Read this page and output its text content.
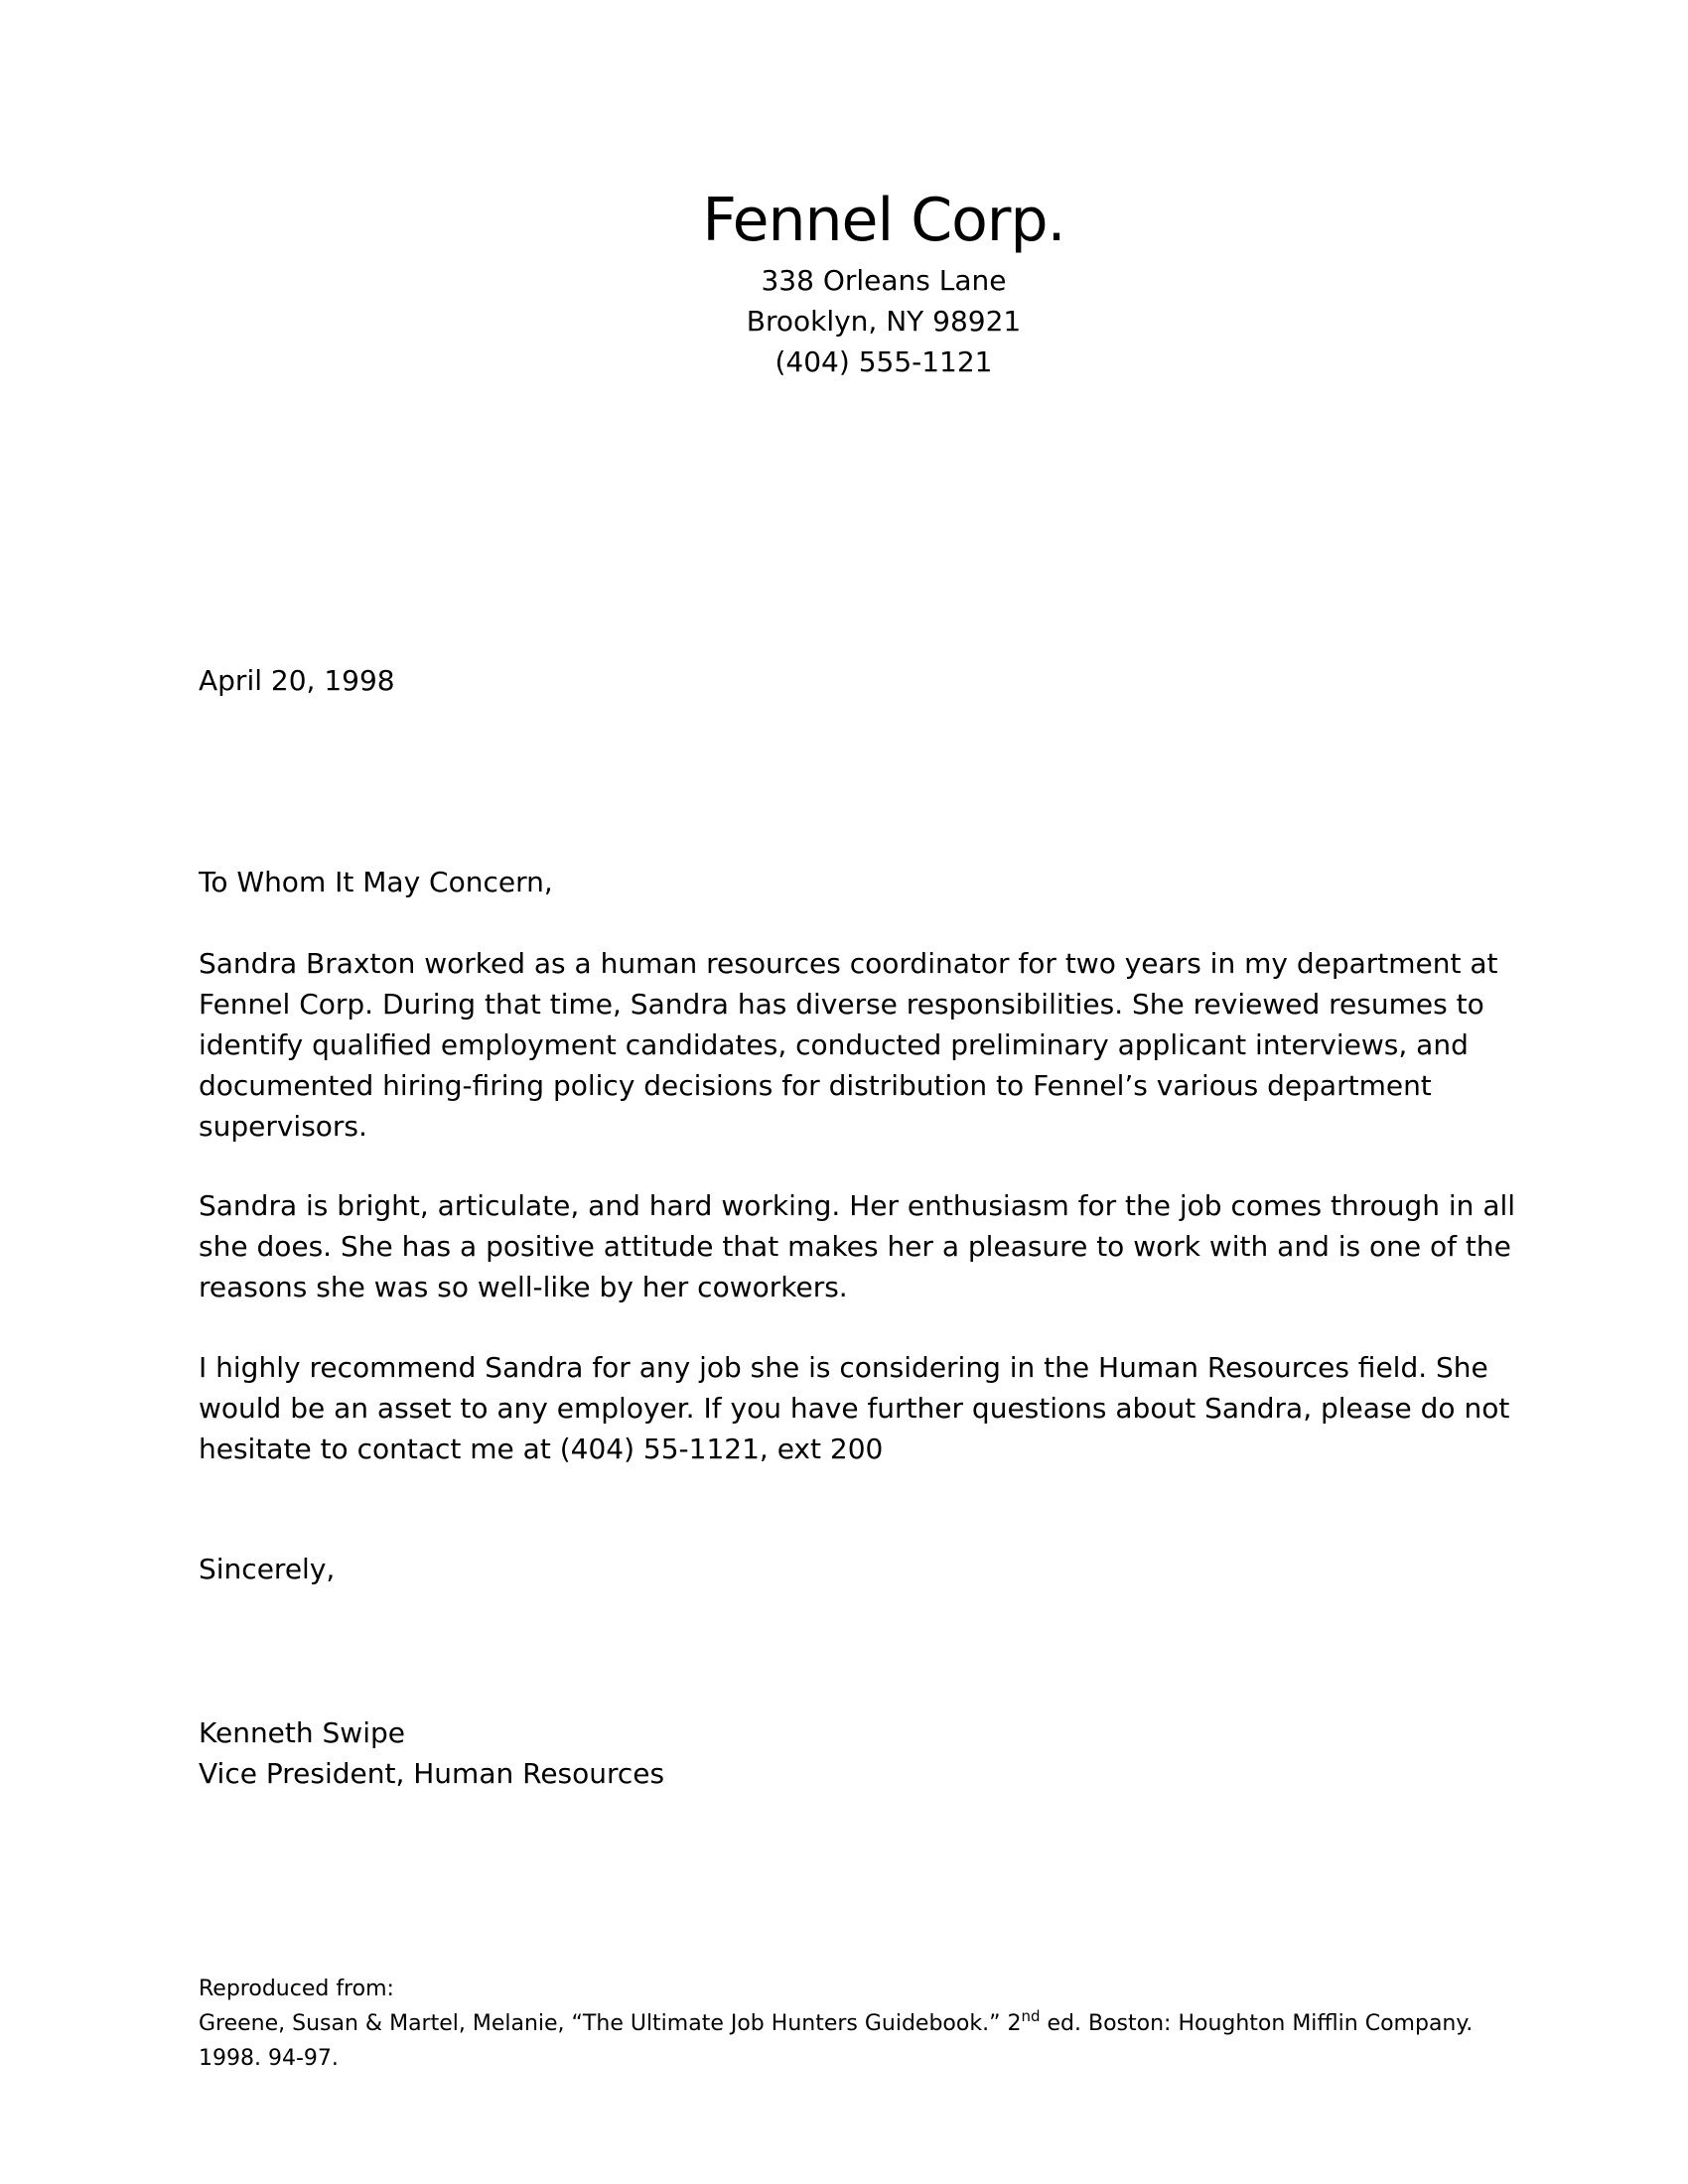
Fennel Corp.
338 Orleans Lane
Brooklyn, NY 98921
(404) 555-1121
April 20, 1998
To Whom It May Concern,

Sandra Braxton worked as a human resources coordinator for two years in my department at Fennel Corp. During that time, Sandra has diverse responsibilities. She reviewed resumes to identify qualified employment candidates, conducted preliminary applicant interviews, and documented hiring-firing policy decisions for distribution to Fennel’s various department supervisors.

Sandra is bright, articulate, and hard working. Her enthusiasm for the job comes through in all she does. She has a positive attitude that makes her a pleasure to work with and is one of the reasons she was so well-like by her coworkers.

I highly recommend Sandra for any job she is considering in the Human Resources field. She would be an asset to any employer. If you have further questions about Sandra, please do not hesitate to contact me at (404) 55-1121, ext 200

Sincerely,
Kenneth Swipe
Vice President, Human Resources
Reproduced from:
Greene, Susan & Martel, Melanie, “The Ultimate Job Hunters Guidebook.” 2nd ed. Boston: Houghton Mifflin Company. 1998. 94-97.
